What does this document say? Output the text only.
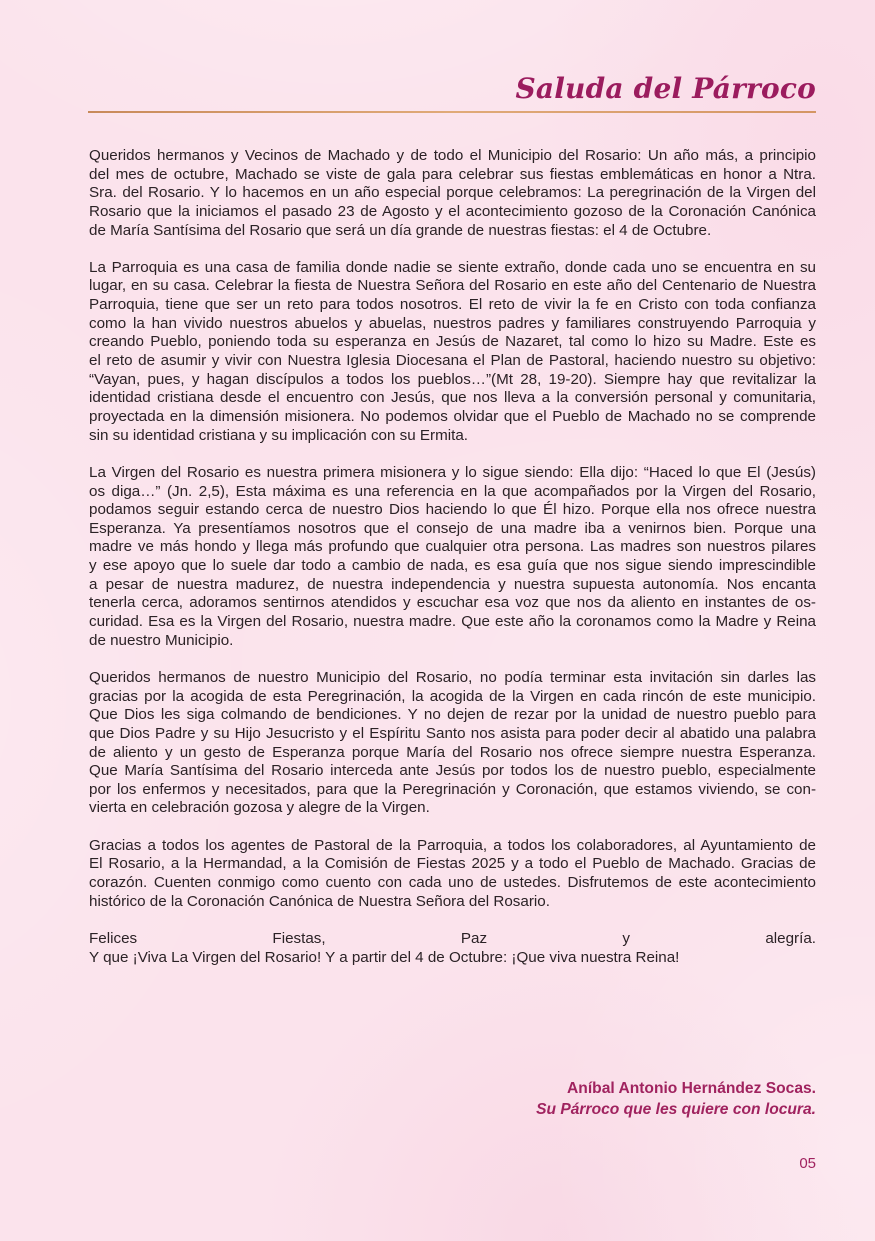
Saluda del Párroco

Queridos hermanos y Vecinos de Machado y de todo el Municipio del Rosario: Un año más, a principio
del mes de octubre, Machado se viste de gala para celebrar sus fiestas emblemáticas en honor a Ntra.
Sra. del Rosario. Y lo hacemos en un año especial porque celebramos: La peregrinación de la Virgen del
Rosario que la iniciamos el pasado 23 de Agosto y el acontecimiento gozoso de la Coronación Canónica
de María Santísima del Rosario que será un día grande de nuestras fiestas: el 4 de Octubre.

La Parroquia es una casa de familia donde nadie se siente extraño, donde cada uno se encuentra en su
lugar, en su casa. Celebrar la fiesta de Nuestra Señora del Rosario en este año del Centenario de Nuestra
Parroquia, tiene que ser un reto para todos nosotros. El reto de vivir la fe en Cristo con toda confianza
como la han vivido nuestros abuelos y abuelas, nuestros padres y familiares construyendo Parroquia y
creando Pueblo, poniendo toda su esperanza en Jesús de Nazaret, tal como lo hizo su Madre. Este es
el reto de asumir y vivir con Nuestra Iglesia Diocesana el Plan de Pastoral, haciendo nuestro su objetivo:
“Vayan, pues, y hagan discípulos a todos los pueblos…”(Mt 28, 19-20). Siempre hay que revitalizar la
identidad cristiana desde el encuentro con Jesús, que nos lleva a la conversión personal y comunitaria,
proyectada en la dimensión misionera. No podemos olvidar que el Pueblo de Machado no se comprende
sin su identidad cristiana y su implicación con su Ermita.

La Virgen del Rosario es nuestra primera misionera y lo sigue siendo: Ella dijo: “Haced lo que El (Jesús)
os diga…” (Jn. 2,5), Esta máxima es una referencia en la que acompañados por la Virgen del Rosario,
podamos seguir estando cerca de nuestro Dios haciendo lo que Él hizo. Porque ella nos ofrece nuestra
Esperanza. Ya presentíamos nosotros que el consejo de una madre iba a venirnos bien. Porque una
madre ve más hondo y llega más profundo que cualquier otra persona. Las madres son nuestros pilares
y ese apoyo que lo suele dar todo a cambio de nada, es esa guía que nos sigue siendo imprescindible
a pesar de nuestra madurez, de nuestra independencia y nuestra supuesta autonomía. Nos encanta
tenerla cerca, adoramos sentirnos atendidos y escuchar esa voz que nos da aliento en instantes de os-
curidad. Esa es la Virgen del Rosario, nuestra madre. Que este año la coronamos como la Madre y Reina
de nuestro Municipio.

Queridos hermanos de nuestro Municipio del Rosario, no podía terminar esta invitación sin darles las
gracias por la acogida de esta Peregrinación, la acogida de la Virgen en cada rincón de este municipio.
Que Dios les siga colmando de bendiciones. Y no dejen de rezar por la unidad de nuestro pueblo para
que Dios Padre y su Hijo Jesucristo y el Espíritu Santo nos asista para poder decir al abatido una palabra
de aliento y un gesto de Esperanza porque María del Rosario nos ofrece siempre nuestra Esperanza.
Que María Santísima del Rosario interceda ante Jesús por todos los de nuestro pueblo, especialmente
por los enfermos y necesitados, para que la Peregrinación y Coronación, que estamos viviendo, se con-
vierta en celebración gozosa y alegre de la Virgen.

Gracias a todos los agentes de Pastoral de la Parroquia, a todos los colaboradores, al Ayuntamiento de
El Rosario, a la Hermandad, a la Comisión de Fiestas 2025 y a todo el Pueblo de Machado. Gracias de
corazón. Cuenten conmigo como cuento con cada uno de ustedes. Disfrutemos de este acontecimiento
histórico de la Coronación Canónica de Nuestra Señora del Rosario.

Felices Fiestas, Paz y alegría.
Y que ¡Viva La Virgen del Rosario! Y a partir del 4 de Octubre: ¡Que viva nuestra Reina!

Aníbal Antonio Hernández Socas.
Su Párroco que les quiere con locura.
05
